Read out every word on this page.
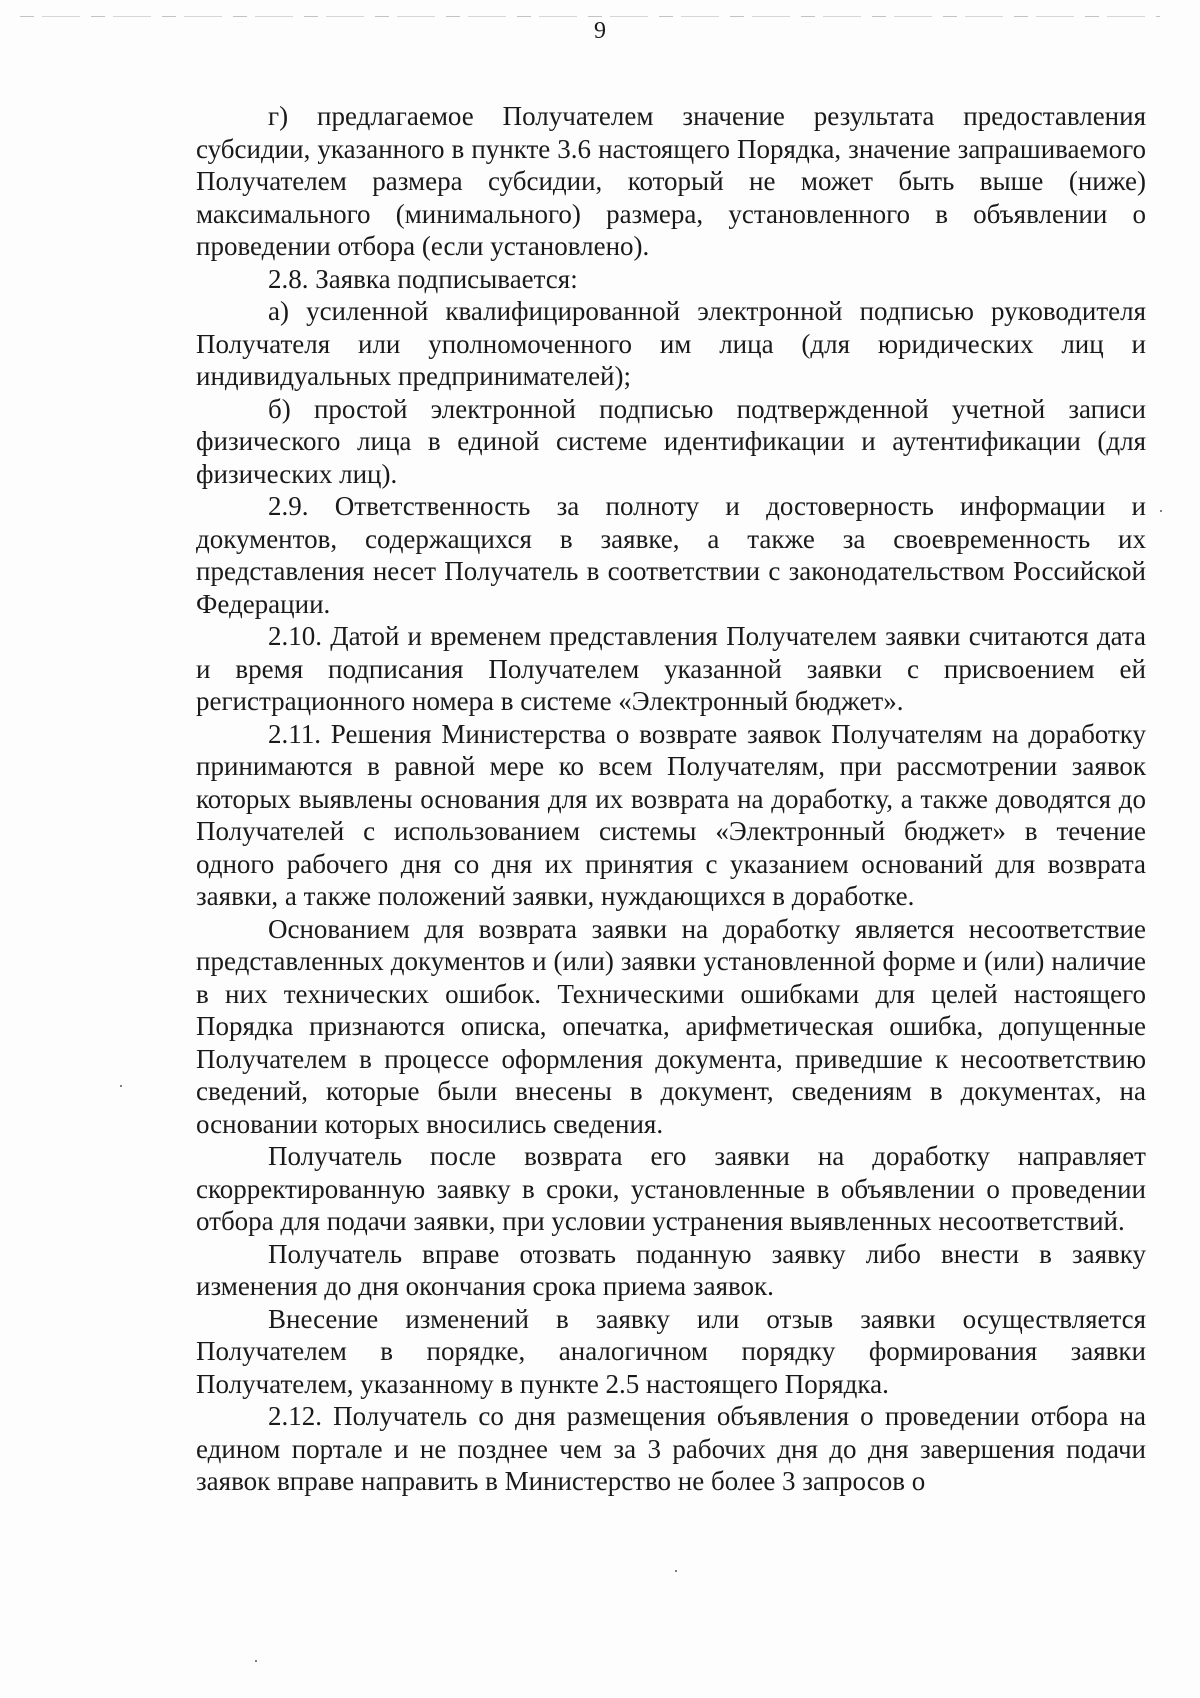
9

г) предлагаемое Получателем значение результата предоставления субсидии, указанного в пункте 3.6 настоящего Порядка, значение запрашиваемого Получателем размера субсидии, который не может быть выше (ниже) максимального (минимального) размера, установленного в объявлении о проведении отбора (если установлено).

2.8. Заявка подписывается:

а) усиленной квалифицированной электронной подписью руководителя Получателя или уполномоченного им лица (для юридических лиц и индивидуальных предпринимателей);

б) простой электронной подписью подтвержденной учетной записи физического лица в единой системе идентификации и аутентификации (для физических лиц).

2.9. Ответственность за полноту и достоверность информации и документов, содержащихся в заявке, а также за своевременность их представления несет Получатель в соответствии с законодательством Российской Федерации.

2.10. Датой и временем представления Получателем заявки считаются дата и время подписания Получателем указанной заявки с присвоением ей регистрационного номера в системе «Электронный бюджет».

2.11. Решения Министерства о возврате заявок Получателям на доработку принимаются в равной мере ко всем Получателям, при рассмотрении заявок которых выявлены основания для их возврата на доработку, а также доводятся до Получателей с использованием системы «Электронный бюджет» в течение одного рабочего дня со дня их принятия с указанием оснований для возврата заявки, а также положений заявки, нуждающихся в доработке.

Основанием для возврата заявки на доработку является несоответствие представленных документов и (или) заявки установленной форме и (или) наличие в них технических ошибок. Техническими ошибками для целей настоящего Порядка признаются описка, опечатка, арифметическая ошибка, допущенные Получателем в процессе оформления документа, приведшие к несоответствию сведений, которые были внесены в документ, сведениям в документах, на основании которых вносились сведения.

Получатель после возврата его заявки на доработку направляет скорректированную заявку в сроки, установленные в объявлении о проведении отбора для подачи заявки, при условии устранения выявленных несоответствий.

Получатель вправе отозвать поданную заявку либо внести в заявку изменения до дня окончания срока приема заявок.

Внесение изменений в заявку или отзыв заявки осуществляется Получателем в порядке, аналогичном порядку формирования заявки Получателем, указанному в пункте 2.5 настоящего Порядка.

2.12. Получатель со дня размещения объявления о проведении отбора на едином портале и не позднее чем за 3 рабочих дня до дня завершения подачи заявок вправе направить в Министерство не более 3 запросов о
